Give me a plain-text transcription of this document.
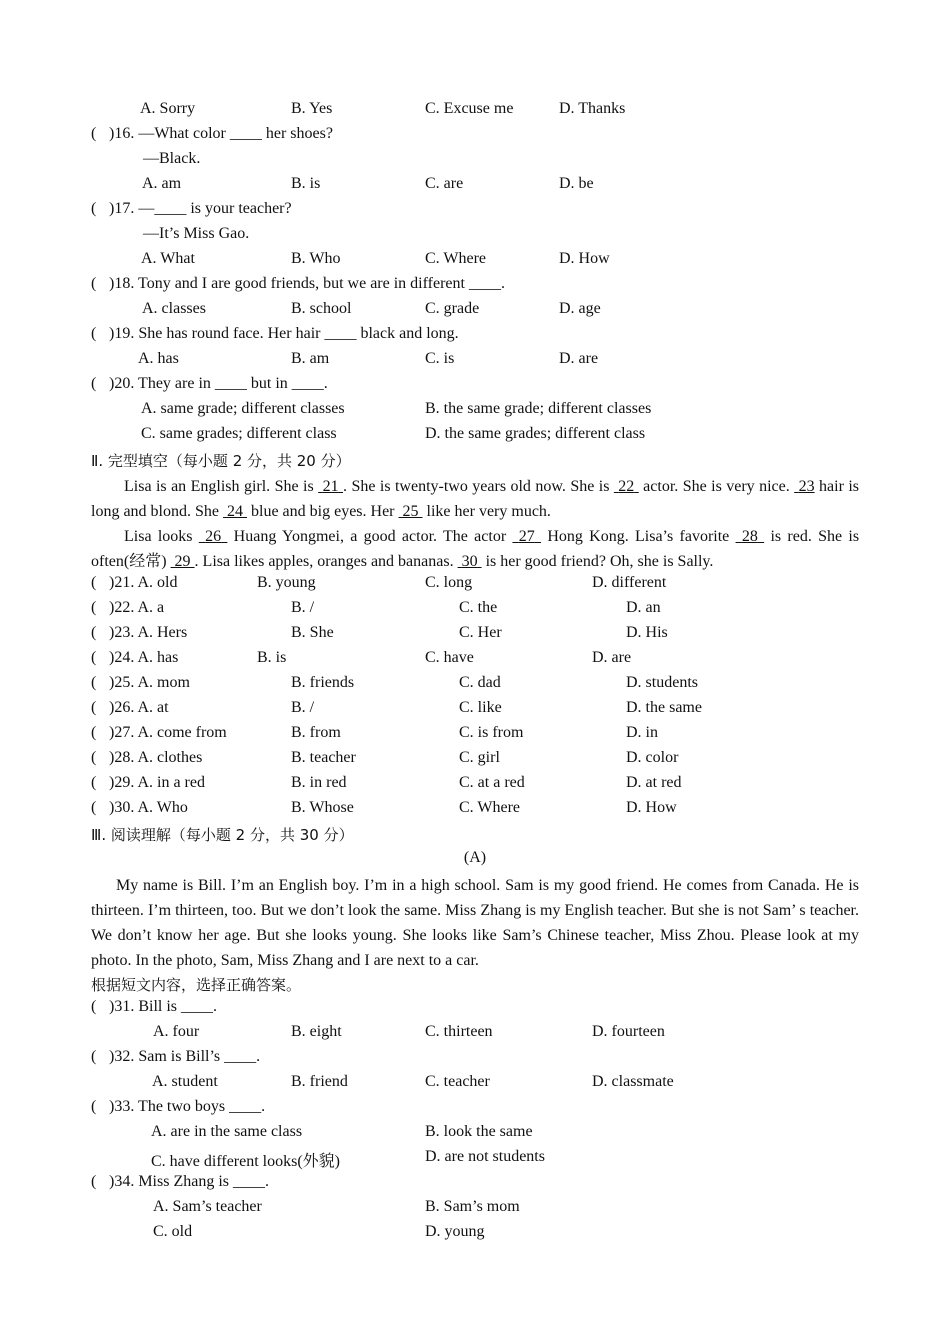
A. Sorry	B. Yes	C. Excuse me	D. Thanks
( )16. —What color ____ her shoes?
—Black.
A. am	B. is	C. are	D. be
( )17. —____ is your teacher?
—It’s Miss Gao.
A. What	B. Who	C. Where	D. How
( )18. Tony and I are good friends, but we are in different ____.
A. classes	B. school	C. grade	D. age
( )19. She has round face. Her hair ____ black and long.
A. has	B. am	C. is	D. are
( )20. They are in ____ but in ____.
A. same grade; different classes	B. the same grade; different classes
C. same grades; different class	D. the same grades; different class
Ⅱ. 完型填空（每小题 2 分，共 20 分）
Lisa is an English girl. She is  21 . She is twenty-two years old now. She is  22  actor. She is very nice.  23 hair is long and blond. She  24  blue and big eyes. Her  25  like her very much.
Lisa looks  26  Huang Yongmei, a good actor. The actor  27  Hong Kong. Lisa’s favorite  28  is red. She is often(经常)  29 . Lisa likes apples, oranges and bananas.  30  is her good friend? Oh, she is Sally.
( )21. A. old	B. young	C. long	D. different
( )22. A. a	B. /	C. the	D. an
( )23. A. Hers	B. She	C. Her	D. His
( )24. A. has	B. is	C. have	D. are
( )25. A. mom	B. friends	C. dad	D. students
( )26. A. at	B. /	C. like	D. the same
( )27. A. come from	B. from	C. is from	D. in
( )28. A. clothes	B. teacher	C. girl	D. color
( )29. A. in a red	B. in red	C. at a red	D. at red
( )30. A. Who	B. Whose	C. Where	D. How
Ⅲ. 阅读理解（每小题 2 分，共 30 分）
(A)
My name is Bill. I’m an English boy. I’m in a high school. Sam is my good friend. He comes from Canada. He is thirteen. I’m thirteen, too. But we don’t look the same. Miss Zhang is my English teacher. But she is not Sam’ s teacher. We don’t know her age. But she looks young. She looks like Sam’s Chinese teacher, Miss Zhou. Please look at my photo. In the photo, Sam, Miss Zhang and I are next to a car.
根据短文内容，选择正确答案。
( )31. Bill is ____.
A. four	B. eight	C. thirteen	D. fourteen
( )32. Sam is Bill’s ____.
A. student	B. friend	C. teacher	D. classmate
( )33. The two boys ____.
A. are in the same class	B. look the same
C. have different looks(外貌)	D. are not students
( )34. Miss Zhang is ____.
A. Sam’s teacher	B. Sam’s mom
C. old	D. young
